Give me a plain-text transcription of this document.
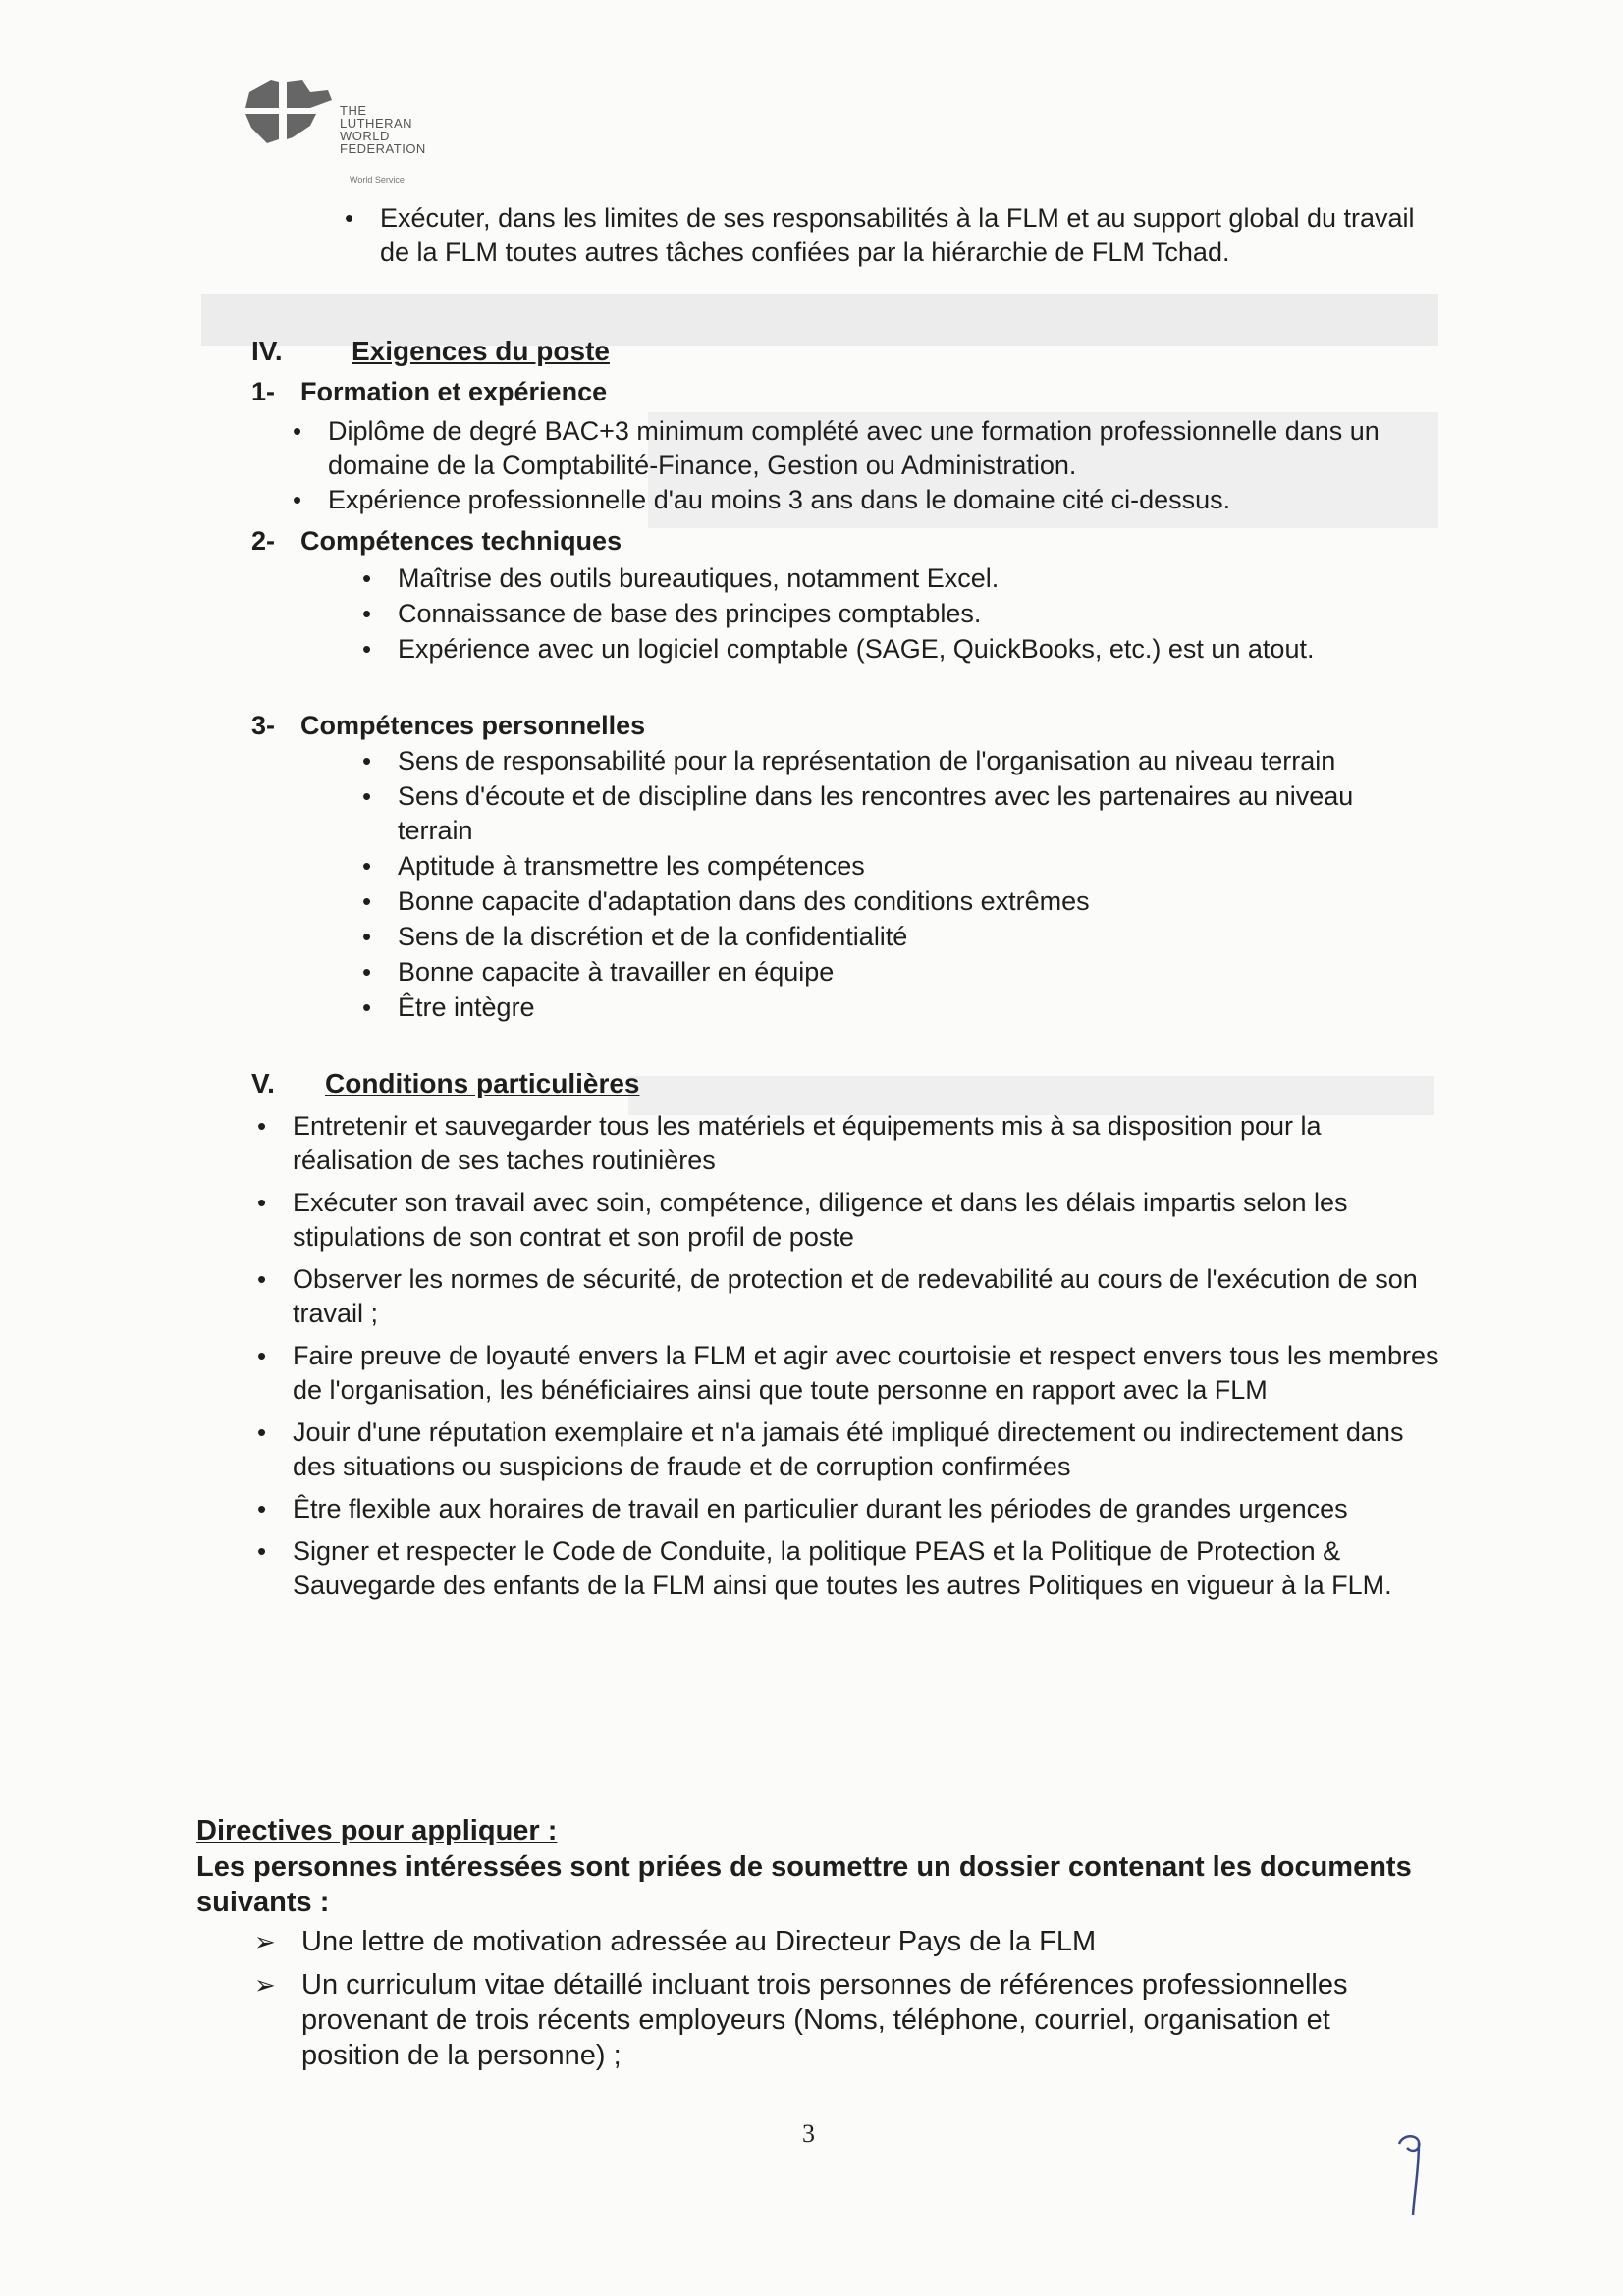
THE
LUTHERAN
WORLD
FEDERATION
World Service
• Exécuter, dans les limites de ses responsabilités à la FLM et au support global du travail de la FLM toutes autres tâches confiées par la hiérarchie de FLM Tchad.
IV.	Exigences du poste
1- Formation et expérience
• Diplôme de degré BAC+3 minimum complété avec une formation professionnelle dans un domaine de la Comptabilité-Finance, Gestion ou Administration.
• Expérience professionnelle d'au moins 3 ans dans le domaine cité ci-dessus.
2- Compétences techniques
• Maîtrise des outils bureautiques, notamment Excel.
• Connaissance de base des principes comptables.
• Expérience avec un logiciel comptable (SAGE, QuickBooks, etc.) est un atout.
3- Compétences personnelles
• Sens de responsabilité pour la représentation de l'organisation au niveau terrain
• Sens d'écoute et de discipline dans les rencontres avec les partenaires au niveau terrain
• Aptitude à transmettre les compétences
• Bonne capacite d'adaptation dans des conditions extrêmes
• Sens de la discrétion et de la confidentialité
• Bonne capacite à travailler en équipe
• Être intègre
V. Conditions particulières
• Entretenir et sauvegarder tous les matériels et équipements mis à sa disposition pour la réalisation de ses taches routinières
• Exécuter son travail avec soin, compétence, diligence et dans les délais impartis selon les stipulations de son contrat et son profil de poste
• Observer les normes de sécurité, de protection et de redevabilité au cours de l'exécution de son travail ;
• Faire preuve de loyauté envers la FLM et agir avec courtoisie et respect envers tous les membres de l'organisation, les bénéficiaires ainsi que toute personne en rapport avec la FLM
• Jouir d'une réputation exemplaire et n'a jamais été impliqué directement ou indirectement dans des situations ou suspicions de fraude et de corruption confirmées
• Être flexible aux horaires de travail en particulier durant les périodes de grandes urgences
• Signer et respecter le Code de Conduite, la politique PEAS et la Politique de Protection & Sauvegarde des enfants de la FLM ainsi que toutes les autres Politiques en vigueur à la FLM.
Directives pour appliquer :
Les personnes intéressées sont priées de soumettre un dossier contenant les documents suivants :
➢ Une lettre de motivation adressée au Directeur Pays de la FLM
➢ Un curriculum vitae détaillé incluant trois personnes de références professionnelles provenant de trois récents employeurs (Noms, téléphone, courriel, organisation et position de la personne) ;
3
